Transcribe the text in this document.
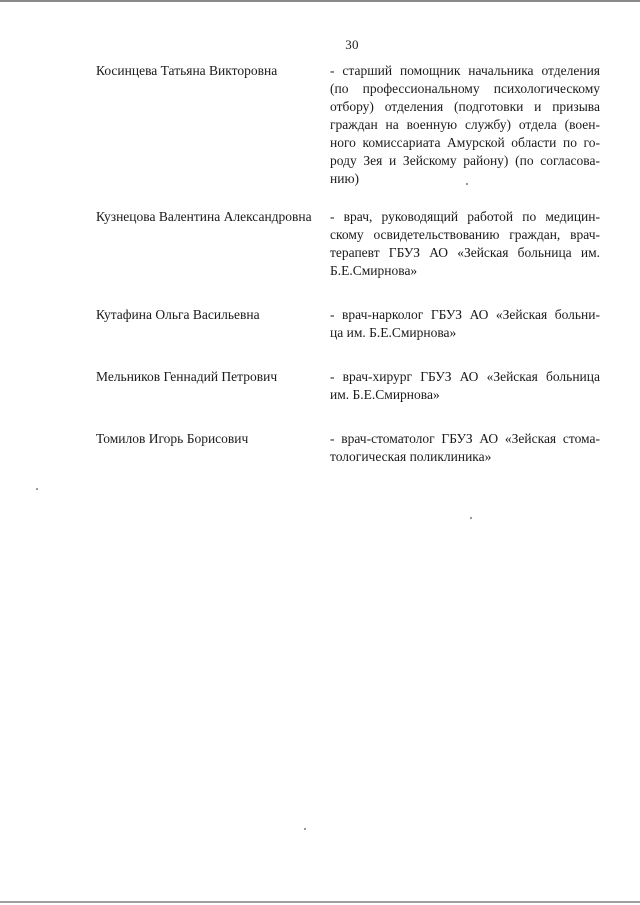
30
Косинцева Татьяна Викторовна	- старший помощник начальника отделения
(по профессиональному психологическому
отбору) отделения (подготовки и призыва
граждан на военную службу) отдела (воен-
ного комиссариата Амурской области по го-
роду Зея и Зейскому району) (по согласова-
нию)
Кузнецова Валентина Александровна	- врач, руководящий работой по медицин-
скому освидетельствованию граждан, врач-
терапевт ГБУЗ АО «Зейская больница им.
Б.Е.Смирнова»
Кутафина Ольга Васильевна	- врач-нарколог ГБУЗ АО «Зейская больни-
ца им. Б.Е.Смирнова»
Мельников Геннадий Петрович	- врач-хирург ГБУЗ АО «Зейская больница
им. Б.Е.Смирнова»
Томилов Игорь Борисович	- врач-стоматолог ГБУЗ АО «Зейская стома-
тологическая поликлиника»
